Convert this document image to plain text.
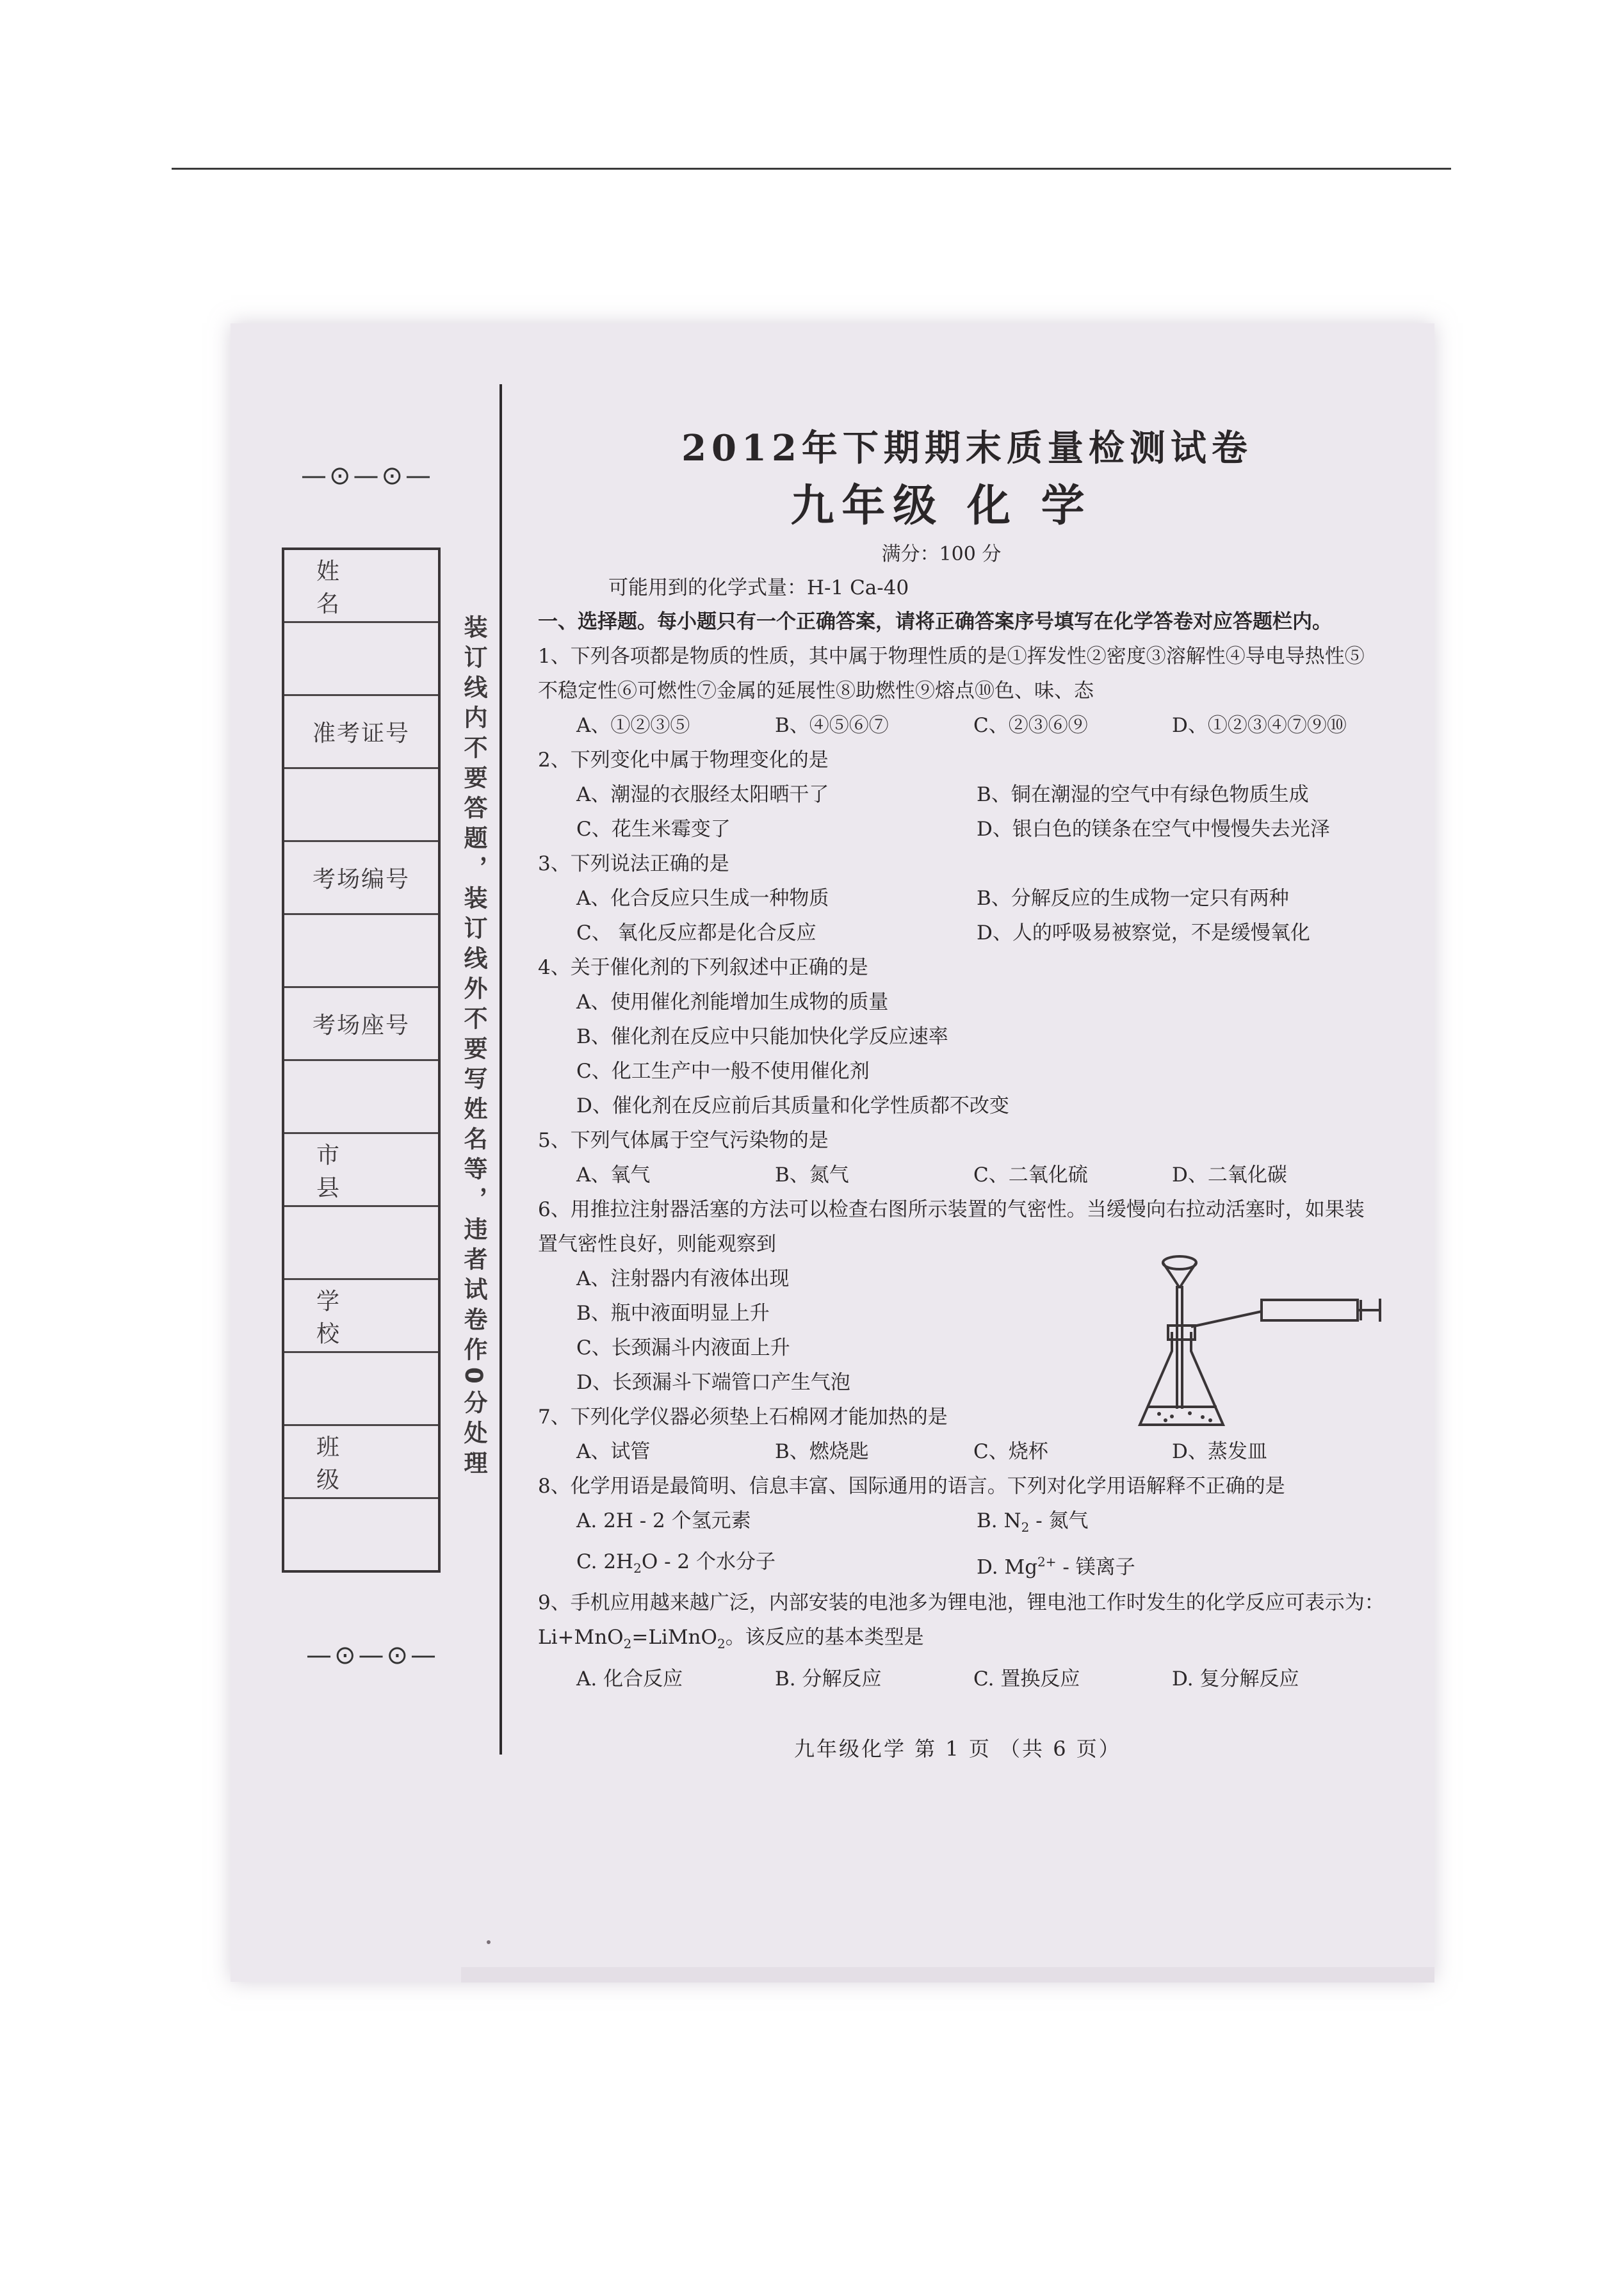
—⊙—⊙—
—⊙—⊙—
姓 名
准考证号
考场编号
考场座号
市 县
学 校
班 级	装订线内不要答题，装订线外不要写姓名等，违者试卷作0分处理
2012年下期期末质量检测试卷
九年级 化 学
满分：100 分
可能用到的化学式量：H-1 Ca-40
一、选择题。每小题只有一个正确答案，请将正确答案序号填写在化学答卷对应答题栏内。
1、下列各项都是物质的性质，其中属于物理性质的是①挥发性②密度③溶解性④导电导热性⑤
不稳定性⑥可燃性⑦金属的延展性⑧助燃性⑨熔点⑩色、味、态
A、①②③⑤	B、④⑤⑥⑦	C、②③⑥⑨	D、①②③④⑦⑨⑩
2、下列变化中属于物理变化的是
A、潮湿的衣服经太阳晒干了	B、铜在潮湿的空气中有绿色物质生成
C、花生米霉变了	D、银白色的镁条在空气中慢慢失去光泽
3、下列说法正确的是
A、化合反应只生成一种物质	B、分解反应的生成物一定只有两种
C、 氧化反应都是化合反应	D、人的呼吸易被察觉，不是缓慢氧化
4、关于催化剂的下列叙述中正确的是
A、使用催化剂能增加生成物的质量
B、催化剂在反应中只能加快化学反应速率
C、化工生产中一般不使用催化剂
D、催化剂在反应前后其质量和化学性质都不改变
5、下列气体属于空气污染物的是
A、氧气	B、氮气	C、二氧化硫	D、二氧化碳
6、用推拉注射器活塞的方法可以检查右图所示装置的气密性。当缓慢向右拉动活塞时，如果装
置气密性良好，则能观察到
A、注射器内有液体出现
B、瓶中液面明显上升
C、长颈漏斗内液面上升
D、长颈漏斗下端管口产生气泡
7、下列化学仪器必须垫上石棉网才能加热的是
A、试管	B、燃烧匙	C、烧杯	D、蒸发皿
8、化学用语是最简明、信息丰富、国际通用的语言。下列对化学用语解释不正确的是
A. 2H - 2 个氢元素	B. $N_2$ - 氮气
C. $2H_2O - 2$ 个水分子	D. $Mg^{2+}$ - 镁离子
9、手机应用越来越广泛，内部安装的电池多为锂电池，锂电池工作时发生的化学反应可表示为：
Li+MnO$_2$=LiMnO$_2$。该反应的基本类型是
A. 化合反应	B. 分解反应	C. 置换反应	D. 复分解反应
九年级化学 第 1 页 （共 6 页）
